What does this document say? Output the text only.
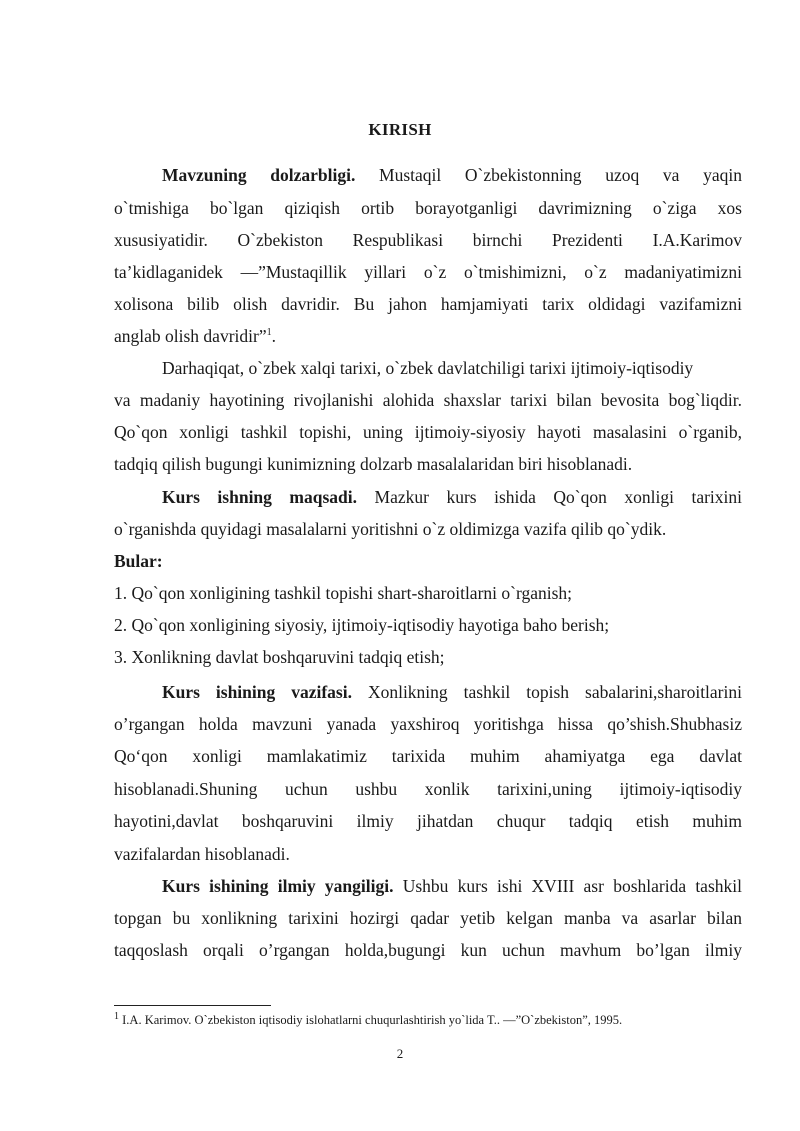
KIRISH
Mavzuning dolzarbligi. Mustaqil O`zbekistonning uzoq va yaqin
o`tmishiga bo`lgan qiziqish ortib borayotganligi davrimizning o`ziga xos
xususiyatidir. O`zbekiston Respublikasi birnchi Prezidenti I.A.Karimov
ta’kidlaganidek ―”Mustaqillik yillari o`z o`tmishimizni, o`z madaniyatimizni
xolisona bilib olish davridir. Bu jahon hamjamiyati tarix oldidagi vazifamizni
anglab olish davridir”$^1$.
Darhaqiqat, o`zbek xalqi tarixi, o`zbek davlatchiligi tarixi ijtimoiy-iqtisodiy
va madaniy hayotining rivojlanishi alohida shaxslar tarixi bilan bevosita bog`liqdir.
Qo`qon xonligi tashkil topishi, uning ijtimoiy-siyosiy hayoti masalasini o`rganib,
tadqiq qilish bugungi kunimizning dolzarb masalalaridan biri hisoblanadi.
Kurs ishning maqsadi. Mazkur kurs ishida Qo`qon xonligi tarixini
o`rganishda quyidagi masalalarni yoritishni o`z oldimizga vazifa qilib qo`ydik.
Bular:
1. Qo`qon xonligining tashkil topishi shart-sharoitlarni o`rganish;
2. Qo`qon xonligining siyosiy, ijtimoiy-iqtisodiy hayotiga baho berish;
3. Xonlikning davlat boshqaruvini tadqiq etish;
Kurs ishining vazifasi. Xonlikning tashkil topish sabalarini,sharoitlarini
o’rgangan holda mavzuni yanada yaxshiroq yoritishga hissa qo’shish.Shubhasiz
Qo‘qon xonligi mamlakatimiz tarixida muhim ahamiyatga ega davlat
hisoblanadi.Shuning uchun ushbu xonlik tarixini,uning ijtimoiy-iqtisodiy
hayotini,davlat boshqaruvini ilmiy jihatdan chuqur tadqiq etish muhim
vazifalardan hisoblanadi.
Kurs ishining ilmiy yangiligi. Ushbu kurs ishi XVIII asr boshlarida tashkil
topgan bu xonlikning tarixini hozirgi qadar yetib kelgan manba va asarlar bilan
taqqoslash orqali o’rgangan holda,bugungi kun uchun mavhum bo’lgan ilmiy
$^1$ I.A. Karimov. O`zbekiston iqtisodiy islohatlarni chuqurlashtirish yo`lida T.. ―”O`zbekiston”, 1995.
2
